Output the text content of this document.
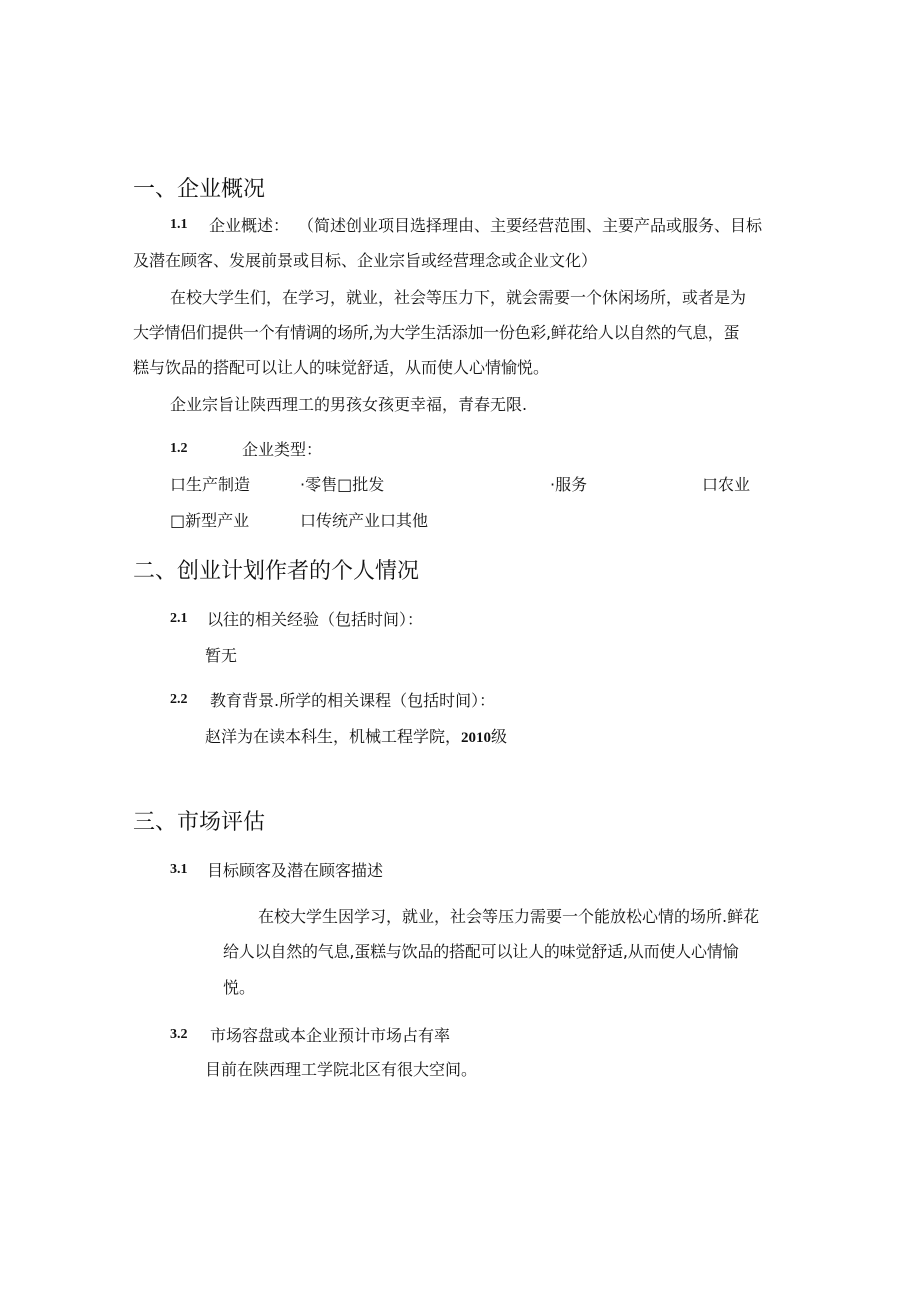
一、企业概况
1.1 企业概述： （简述创业项目选择理由、主要经营范围、主要产品或服务、目标
及潜在顾客、发展前景或目标、企业宗旨或经营理念或企业文化）
在校大学生们，在学习，就业，社会等压力下，就会需要一个休闲场所，或者是为
大学情侣们提供一个有情调的场所,为大学生活添加一份色彩,鲜花给人以自然的气息，蛋
糕与饮品的搭配可以让人的味觉舒适，从而使人心情愉悦。
企业宗旨让陕西理工的男孩女孩更幸福，青春无限.
1.2	企业类型：
口生产制造	·零售□批发	·服务	口农业
□新型产业	口传统产业口其他
二、创业计划作者的个人情况
2.1 以往的相关经验（包括时间）：
暂无
2.2 教育背景.所学的相关课程（包括时间）：
赵洋为在读本科生，机械工程学院，2010级
三、市场评估
3.1 目标顾客及潜在顾客描述
在校大学生因学习，就业，社会等压力需要一个能放松心情的场所.鲜花
给人以自然的气息,蛋糕与饮品的搭配可以让人的味觉舒适,从而使人心情愉
悦。
3.2 市场容盘或本企业预计市场占有率
目前在陕西理工学院北区有很大空间。
